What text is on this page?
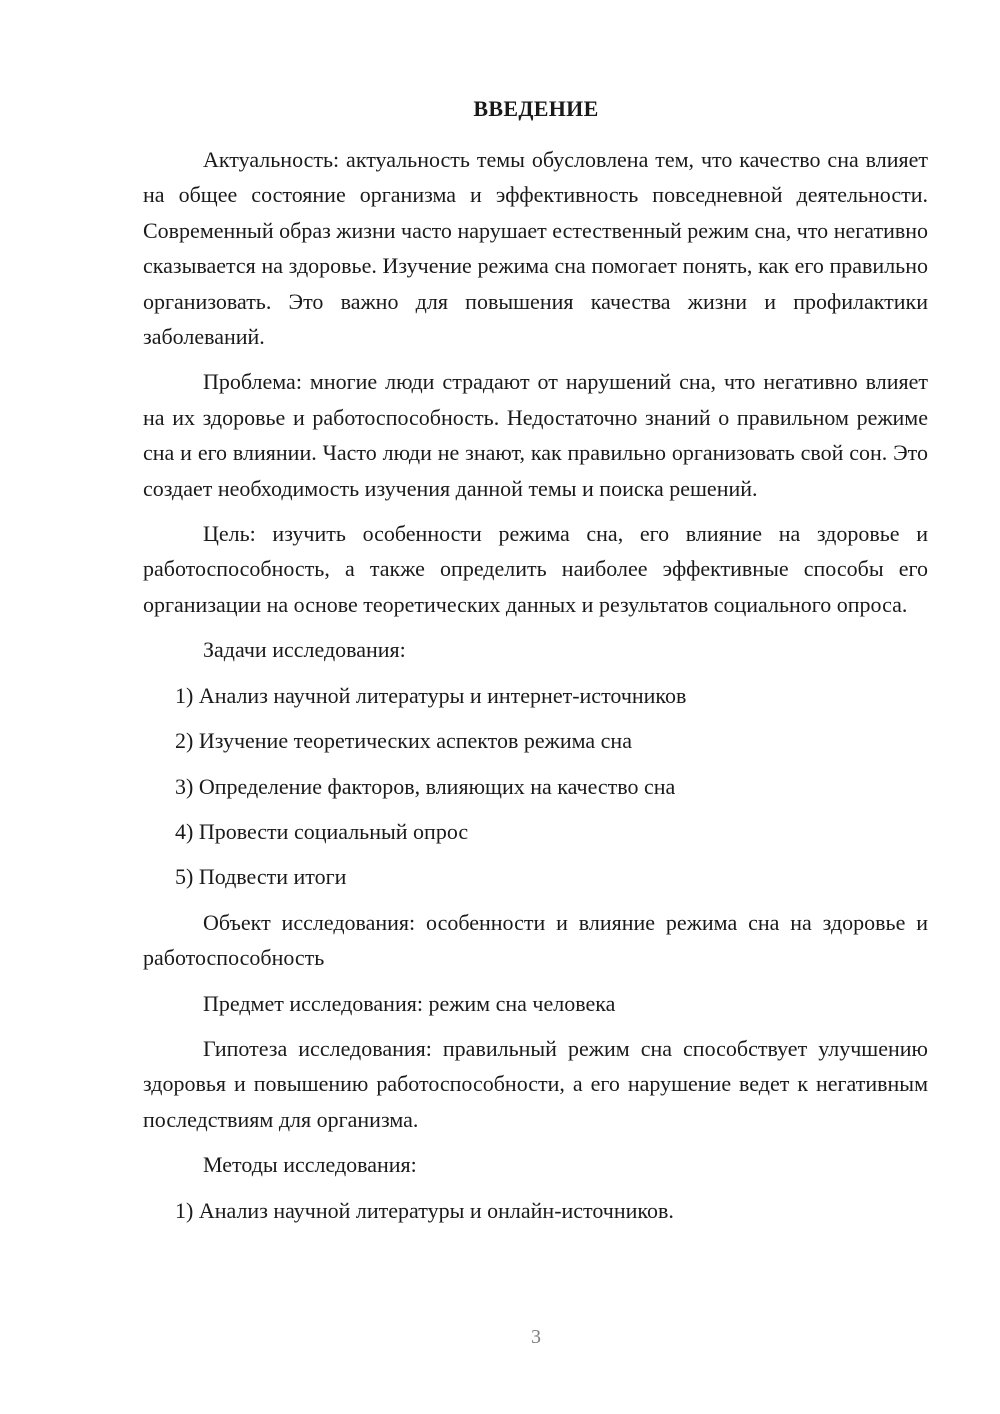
ВВЕДЕНИЕ

Актуальность: актуальность темы обусловлена тем, что качество сна влияет на общее состояние организма и эффективность повседневной деятельности. Современный образ жизни часто нарушает естественный режим сна, что негативно сказывается на здоровье. Изучение режима сна помогает понять, как его правильно организовать. Это важно для повышения качества жизни и профилактики заболеваний.

Проблема: многие люди страдают от нарушений сна, что негативно влияет на их здоровье и работоспособность. Недостаточно знаний о правильном режиме сна и его влиянии. Часто люди не знают, как правильно организовать свой сон. Это создает необходимость изучения данной темы и поиска решений.

Цель: изучить особенности режима сна, его влияние на здоровье и работоспособность, а также определить наиболее эффективные способы его организации на основе теоретических данных и результатов социального опроса.

Задачи исследования:

1) Анализ научной литературы и интернет-источников
2) Изучение теоретических аспектов режима сна
3) Определение факторов, влияющих на качество сна
4) Провести социальный опрос
5) Подвести итоги

Объект исследования: особенности и влияние режима сна на здоровье и работоспособность

Предмет исследования: режим сна человека

Гипотеза исследования: правильный режим сна способствует улучшению здоровья и повышению работоспособности, а его нарушение ведет к негативным последствиям для организма.

Методы исследования:

1) Анализ научной литературы и онлайн-источников.
3
